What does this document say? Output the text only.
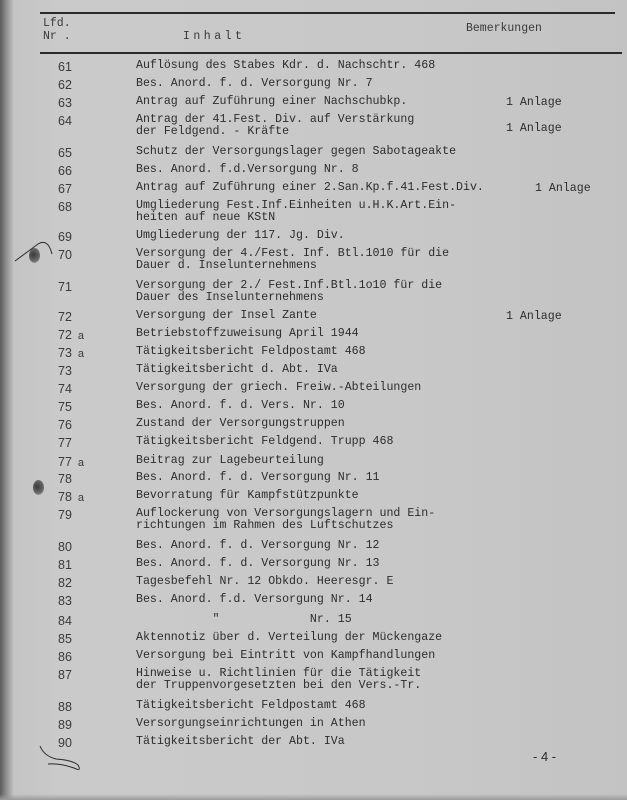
Lfd.
Nr .	Inhalt
Bemerkungen
61	Auflösung des Stabes Kdr. d. Nachschtr. 468
62	Bes. Anord. f. d. Versorgung Nr. 7
63	Antrag auf Zuführung einer Nachschubkp.	1 Anlage
64	Antrag der 41.Fest. Div. auf Verstärkung
der Feldgend. - Kräfte	1 Anlage
65	Schutz der Versorgungslager gegen Sabotageakte
66	Bes. Anord. f.d.Versorgung Nr. 8
67	Antrag auf Zuführung einer 2.San.Kp.f.41.Fest.Div.	1 Anlage
68	Umgliederung Fest.Inf.Einheiten u.H.K.Art.Ein-
heiten auf neue KStN
69	Umgliederung der 117. Jg. Div.
70	Versorgung der 4./Fest. Inf. Btl.1010 für die
Dauer d. Inselunternehmens
71	Versorgung der 2./ Fest.Inf.Btl.1o10 für die
Dauer des Inselunternehmens
72	Versorgung der Insel Zante	1 Anlage
72 a	Betriebstoffzuweisung April 1944
73 a	Tätigkeitsbericht Feldpostamt 468
73	Tätigkeitsbericht d. Abt. IVa
74	Versorgung der griech. Freiw.-Abteilungen
75	Bes. Anord. f. d. Vers. Nr. 10
76	Zustand der Versorgungstruppen
77	Tätigkeitsbericht Feldgend. Trupp 468
77 a	Beitrag zur Lagebeurteilung
78	Bes. Anord. f. d. Versorgung Nr. 11
78 a	Bevorratung für Kampfstützpunkte
79	Auflockerung von Versorgungslagern und Ein-
richtungen im Rahmen des Luftschutzes
80	Bes. Anord. f. d. Versorgung Nr. 12
81	Bes. Anord. f. d. Versorgung Nr. 13
82	Tagesbefehl Nr. 12 Obkdo. Heeresgr. E
83	Bes. Anord. f.d. Versorgung Nr. 14
84	"             Nr. 15
85	Aktennotiz über d. Verteilung der Mückengaze
86	Versorgung bei Eintritt von Kampfhandlungen
87	Hinweise u. Richtlinien für die Tätigkeit
der Truppenvorgesetzten bei den Vers.-Tr.
88	Tätigkeitsbericht Feldpostamt 468
89	Versorgungseinrichtungen in Athen
90	Tätigkeitsbericht der Abt. IVa
- 4 -
